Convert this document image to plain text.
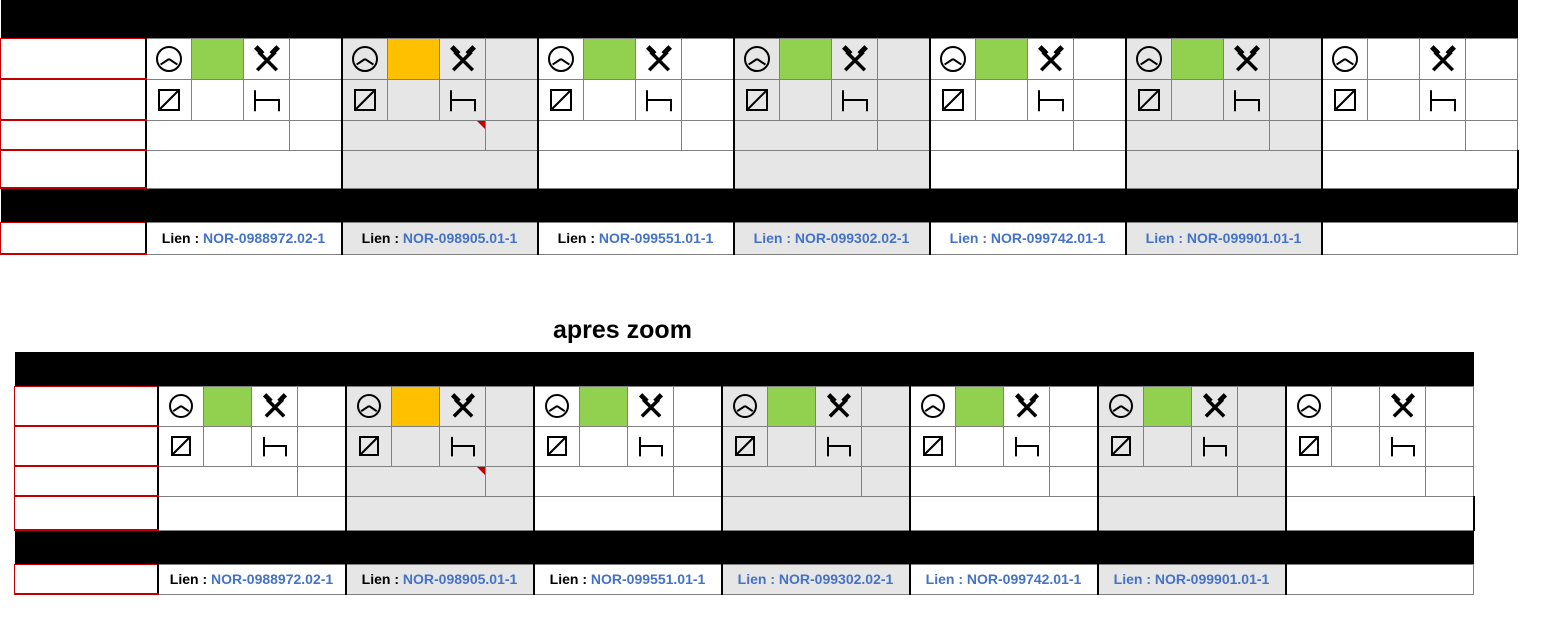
	Lien : NOR-0988972.02-1				Lien : NOR-098905.01-1				Lien : NOR-099551.01-1				Lien : NOR-099302.02-1				Lien : NOR-099742.01-1				Lien : NOR-099901.01-1							
apres zoom

	Lien : NOR-0988972.02-1				Lien : NOR-098905.01-1				Lien : NOR-099551.01-1				Lien : NOR-099302.02-1				Lien : NOR-099742.01-1				Lien : NOR-099901.01-1							
